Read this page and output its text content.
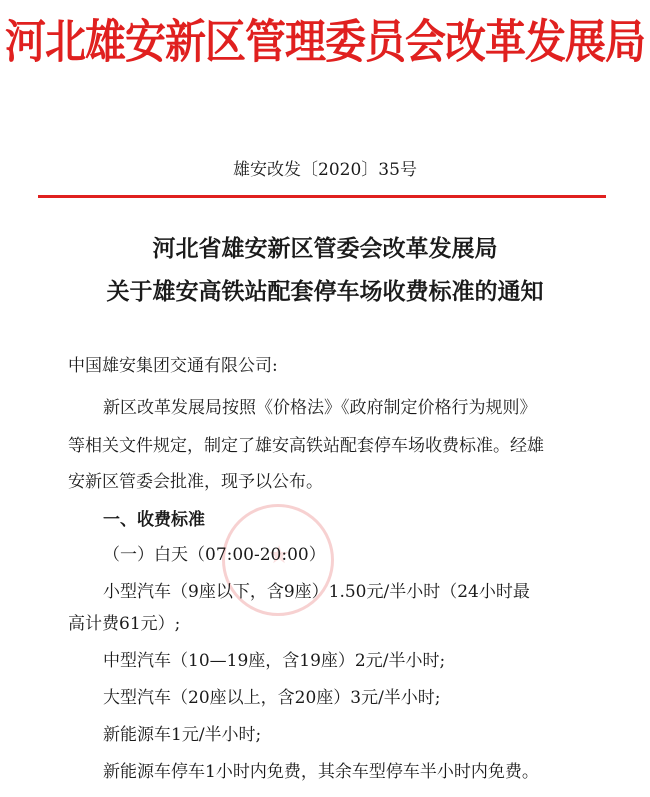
河北雄安新区管理委员会改革发展局
雄安改发〔2020〕35号
河北省雄安新区管委会改革发展局
关于雄安高铁站配套停车场收费标准的通知
中国雄安集团交通有限公司:
新区改革发展局按照《价格法》《政府制定价格行为规则》
等相关文件规定，制定了雄安高铁站配套停车场收费标准。经雄
安新区管委会批准，现予以公布。
一、收费标准
（一）白天（07:00-20:00）
小型汽车（9座以下，含9座）1.50元/半小时（24小时最
高计费61元）;
中型汽车（10—19座，含19座）2元/半小时;
大型汽车（20座以上，含20座）3元/半小时;
新能源车1元/半小时;
新能源车停车1小时内免费，其余车型停车半小时内免费。
